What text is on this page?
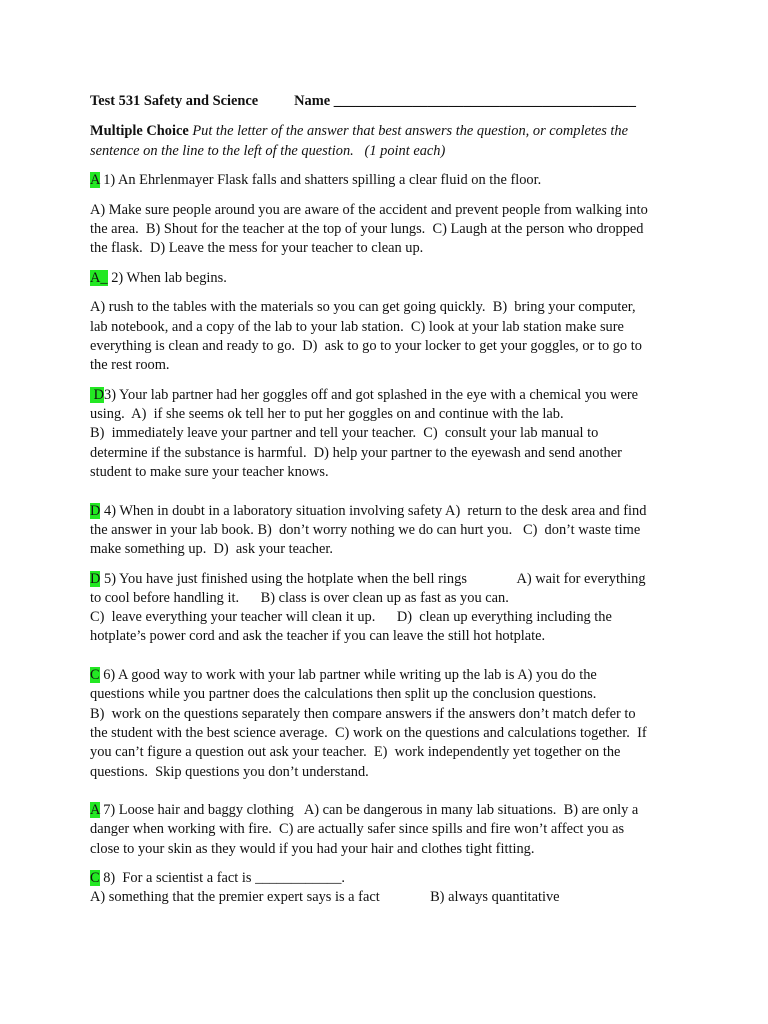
Test 531 Safety and Science Name __________________________________________
Multiple Choice Put the letter of the answer that best answers the question, or completes the
sentence on the line to the left of the question.   (1 point each)
A 1) An Ehrlenmayer Flask falls and shatters spilling a clear fluid on the floor.
A) Make sure people around you are aware of the accident and prevent people from walking into
the area.  B) Shout for the teacher at the top of your lungs.  C) Laugh at the person who dropped
the flask.  D) Leave the mess for your teacher to clean up.
A_ 2) When lab begins.
A) rush to the tables with the materials so you can get going quickly.  B)  bring your computer,
lab notebook, and a copy of the lab to your lab station.  C) look at your lab station make sure
everything is clean and ready to go.  D)  ask to go to your locker to get your goggles, or to go to
the rest room.
D3) Your lab partner had her goggles off and got splashed in the eye with a chemical you were
using.  A)  if she seems ok tell her to put her goggles on and continue with the lab.
B)  immediately leave your partner and tell your teacher.  C)  consult your lab manual to
determine if the substance is harmful.  D) help your partner to the eyewash and send another
student to make sure your teacher knows.
D 4) When in doubt in a laboratory situation involving safety A)  return to the desk area and find
the answer in your lab book. B)  don’t worry nothing we do can hurt you.   C)  don’t waste time
make something up.  D)  ask your teacher.
D 5) You have just finished using the hotplate when the bell rings              A) wait for everything
to cool before handling it.      B) class is over clean up as fast as you can.
C)  leave everything your teacher will clean it up.      D)  clean up everything including the
hotplate’s power cord and ask the teacher if you can leave the still hot hotplate.
C 6) A good way to work with your lab partner while writing up the lab is A) you do the
questions while you partner does the calculations then split up the conclusion questions.
B)  work on the questions separately then compare answers if the answers don’t match defer to
the student with the best science average.  C) work on the questions and calculations together.  If
you can’t figure a question out ask your teacher.  E)  work independently yet together on the
questions.  Skip questions you don’t understand.
A 7) Loose hair and baggy clothing   A) can be dangerous in many lab situations.  B) are only a
danger when working with fire.  C) are actually safer since spills and fire won’t affect you as
close to your skin as they would if you had your hair and clothes tight fitting.
C 8)  For a scientist a fact is ____________.
A) something that the premier expert says is a fact              B) always quantitative
